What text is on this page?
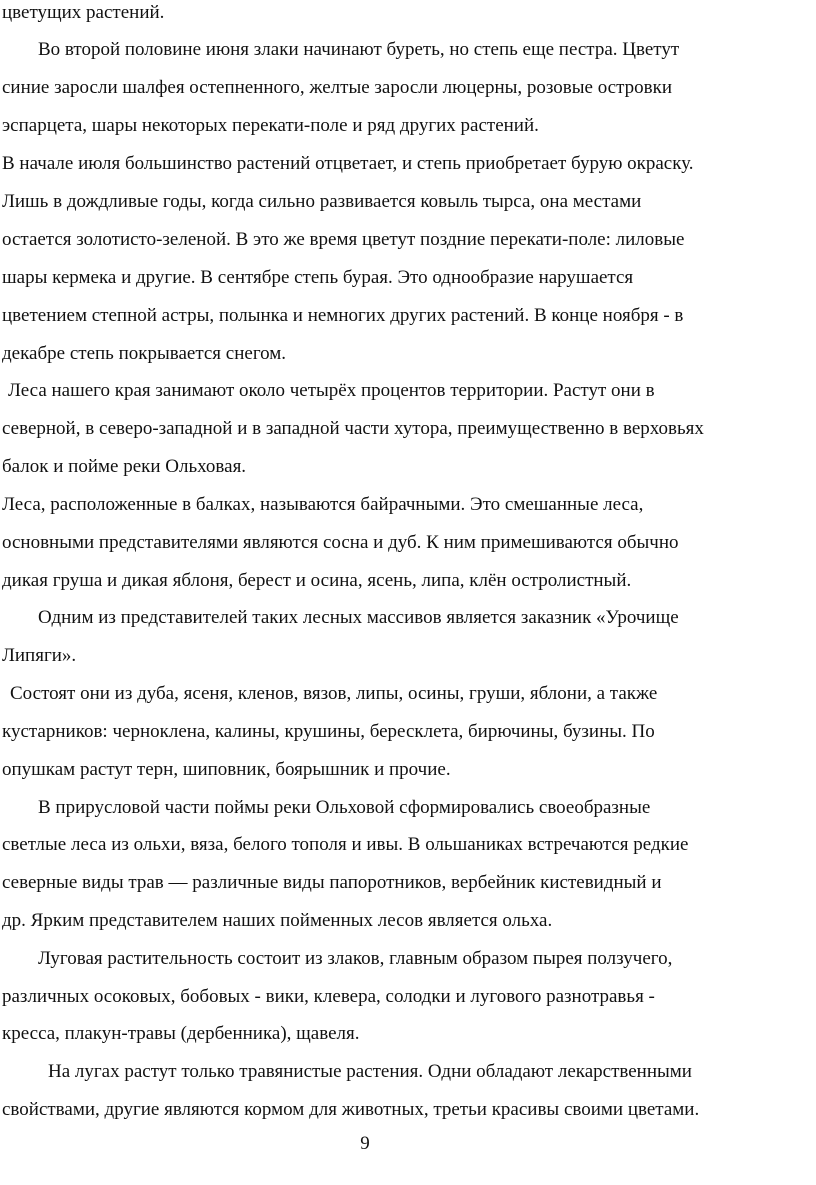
цветущих растений.
Во второй половине июня злаки начинают буреть, но степь еще пестра. Цветут
синие заросли шалфея остепненного, желтые заросли люцерны, розовые островки
эспарцета, шары некоторых перекати-поле и ряд других растений.
В начале июля большинство растений отцветает, и степь приобретает бурую окраску.
Лишь в дождливые годы, когда сильно развивается ковыль тырса, она местами
остается золотисто-зеленой. В это же время цветут поздние перекати-поле: лиловые
шары кермека и другие. В сентябре степь бурая. Это однообразие нарушается
цветением степной астры, полынка и немногих других растений. В конце ноября - в
декабре степь покрывается снегом.
Леса нашего края занимают около четырёх процентов территории. Растут они в
северной, в северо-западной и в западной части хутора, преимущественно в верховьях
балок и пойме реки Ольховая.
Леса, расположенные в балках, называются байрачными. Это смешанные леса,
основными представителями являются сосна и дуб. К ним примешиваются обычно
дикая груша и дикая яблоня, берест и осина, ясень, липа, клён остролистный.
Одним из представителей таких лесных массивов является заказник «Урочище
Липяги».
Состоят они из дуба, ясеня, кленов, вязов, липы, осины, груши, яблони, а также
кустарников: черноклена, калины, крушины, бересклета, бирючины, бузины. По
опушкам растут терн, шиповник, боярышник и прочие.
В прирусловой части поймы реки Ольховой сформировались своеобразные
светлые леса из ольхи, вяза, белого тополя и ивы. В ольшаниках встречаются редкие
северные виды трав — различные виды папоротников, вербейник кистевидный и
др. Ярким представителем наших пойменных лесов является ольха.
Луговая растительность состоит из злаков, главным образом пырея ползучего,
различных осоковых, бобовых - вики, клевера, солодки и лугового разнотравья -
кресса, плакун-травы (дербенника), щавеля.
На лугах растут только травянистые растения. Одни обладают лекарственными
свойствами, другие являются кормом для животных, третьи красивы своими цветами.
9
